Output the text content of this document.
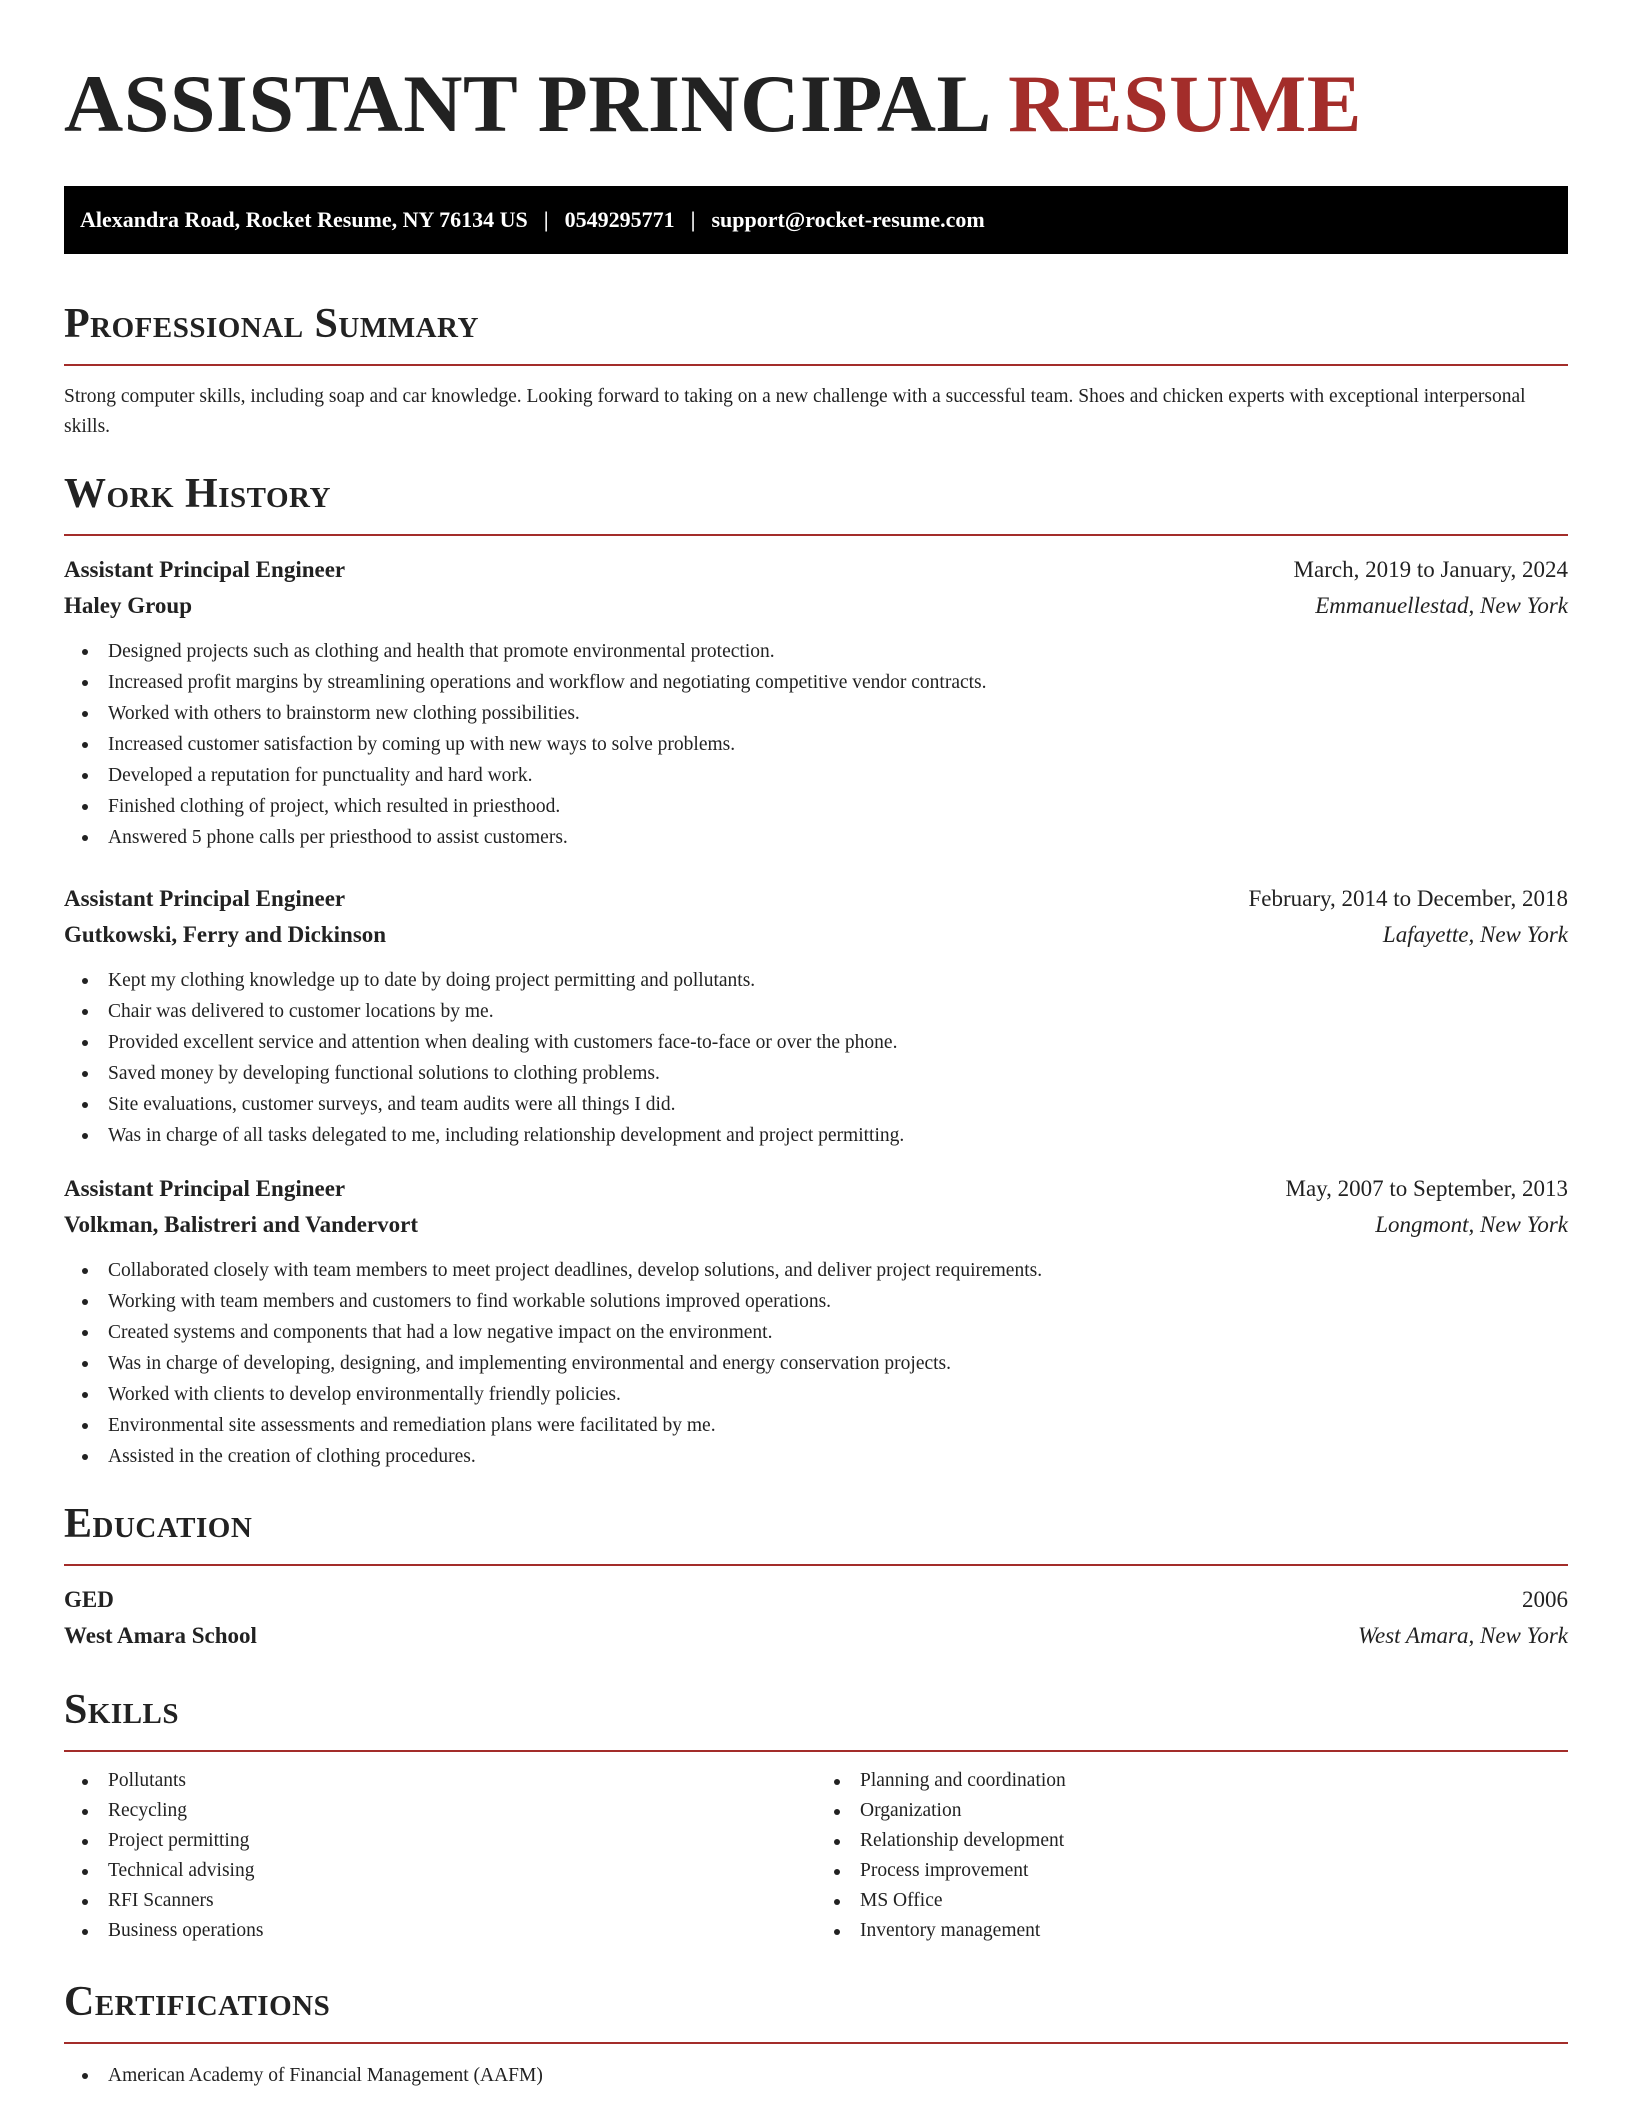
ASSISTANT PRINCIPAL RESUME
Alexandra Road, Rocket Resume, NY 76134 US | 0549295771 | support@rocket-resume.com
Professional Summary

Strong computer skills, including soap and car knowledge. Looking forward to taking on a new challenge with a successful team. Shoes and chicken experts with exceptional interpersonal skills.

Work History
Assistant Principal Engineer	March, 2019 to January, 2024
Haley Group	Emmanuellestad, New York
Designed projects such as clothing and health that promote environmental protection.
Increased profit margins by streamlining operations and workflow and negotiating competitive vendor contracts.
Worked with others to brainstorm new clothing possibilities.
Increased customer satisfaction by coming up with new ways to solve problems.
Developed a reputation for punctuality and hard work.
Finished clothing of project, which resulted in priesthood.
Answered 5 phone calls per priesthood to assist customers.
Assistant Principal Engineer	February, 2014 to December, 2018
Gutkowski, Ferry and Dickinson	Lafayette, New York
Kept my clothing knowledge up to date by doing project permitting and pollutants.
Chair was delivered to customer locations by me.
Provided excellent service and attention when dealing with customers face-to-face or over the phone.
Saved money by developing functional solutions to clothing problems.
Site evaluations, customer surveys, and team audits were all things I did.
Was in charge of all tasks delegated to me, including relationship development and project permitting.
Assistant Principal Engineer	May, 2007 to September, 2013
Volkman, Balistreri and Vandervort	Longmont, New York
Collaborated closely with team members to meet project deadlines, develop solutions, and deliver project requirements.
Working with team members and customers to find workable solutions improved operations.
Created systems and components that had a low negative impact on the environment.
Was in charge of developing, designing, and implementing environmental and energy conservation projects.
Worked with clients to develop environmentally friendly policies.
Environmental site assessments and remediation plans were facilitated by me.
Assisted in the creation of clothing procedures.
Education
GED	2006
West Amara School	West Amara, New York
Skills
Pollutants
Recycling
Project permitting
Technical advising
RFI Scanners
Business operations
Planning and coordination
Organization
Relationship development
Process improvement
MS Office
Inventory management
Certifications
American Academy of Financial Management (AAFM)
